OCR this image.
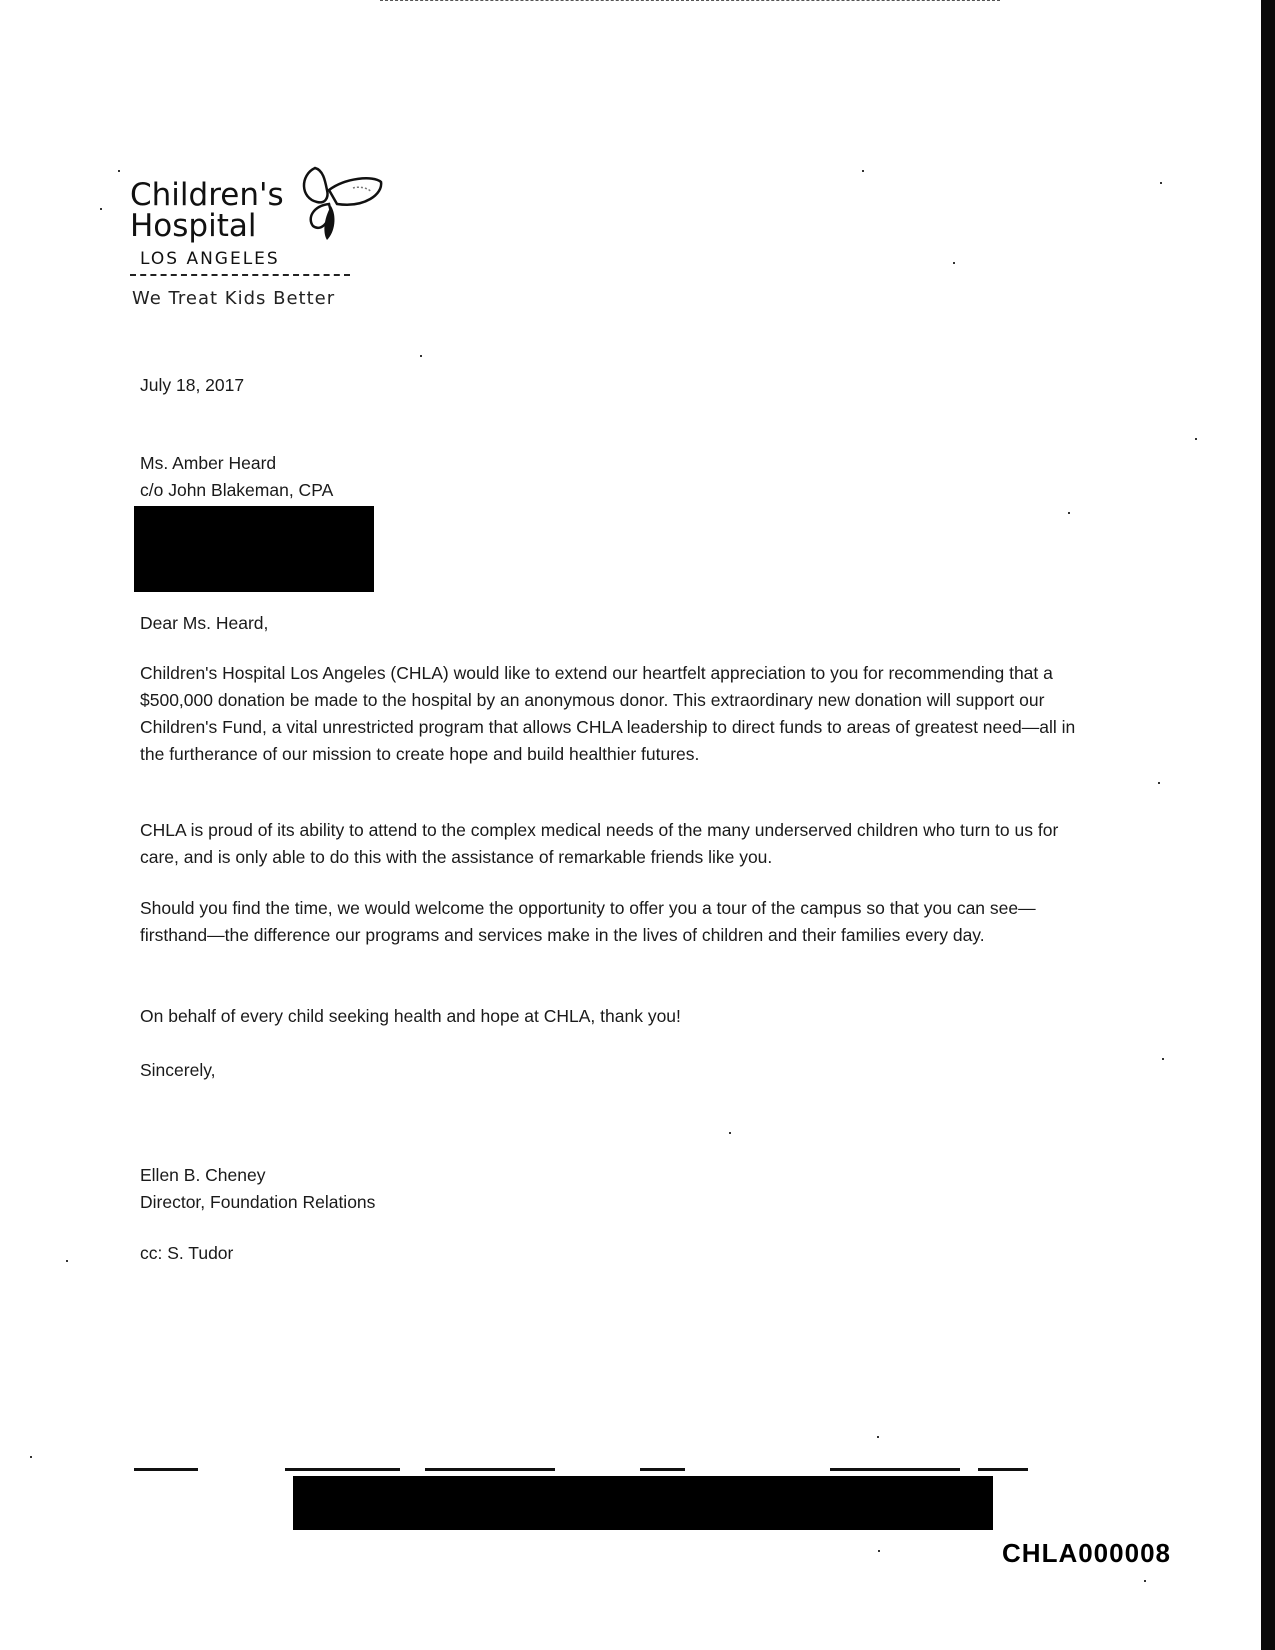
Children's
Hospital
LOS ANGELES
We Treat Kids Better
July 18, 2017
Ms. Amber Heard
c/o John Blakeman, CPA
Dear Ms. Heard,

Children's Hospital Los Angeles (CHLA) would like to extend our heartfelt appreciation to you for recommending that a $500,000 donation be made to the hospital by an anonymous donor. This extraordinary new donation will support our Children's Fund, a vital unrestricted program that allows CHLA leadership to direct funds to areas of greatest need—all in the furtherance of our mission to create hope and build healthier futures.

CHLA is proud of its ability to attend to the complex medical needs of the many underserved children who turn to us for care, and is only able to do this with the assistance of remarkable friends like you.

Should you find the time, we would welcome the opportunity to offer you a tour of the campus so that you can see—firsthand—the difference our programs and services make in the lives of children and their families every day.

On behalf of every child seeking health and hope at CHLA, thank you!

Sincerely,
Ellen B. Cheney
Director, Foundation Relations
cc: S. Tudor
CHLA000008
